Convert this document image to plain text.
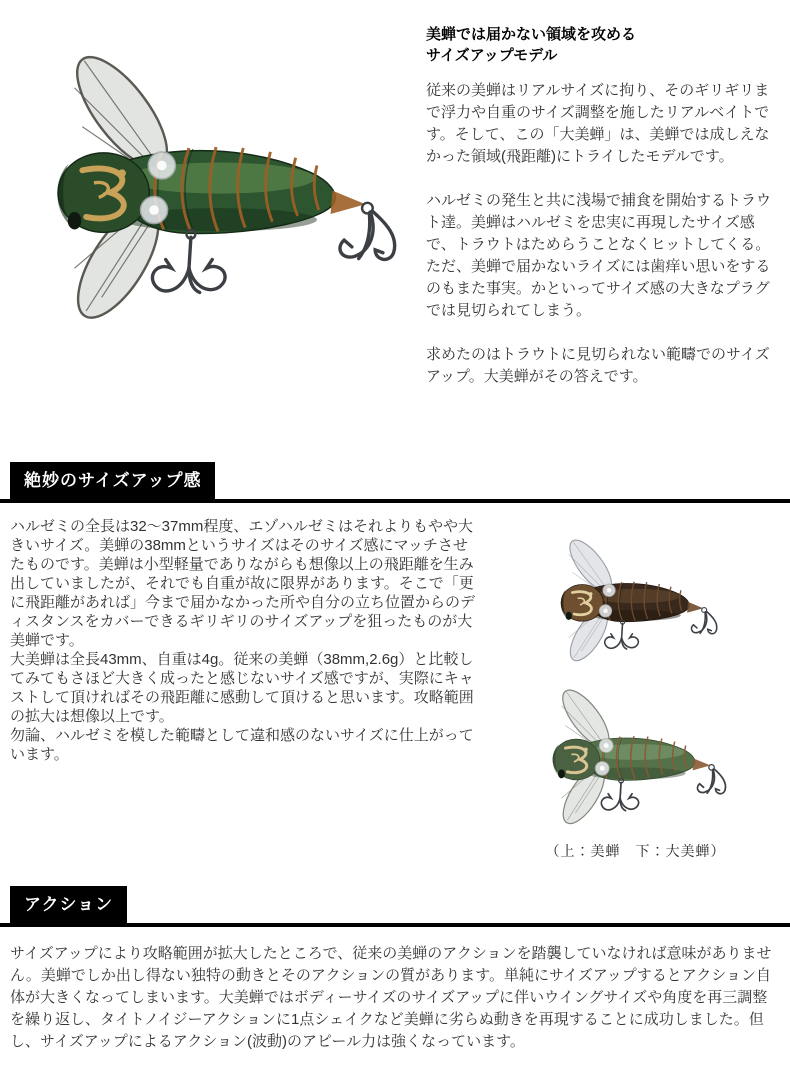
美蝉では届かない領域を攻める
サイズアップモデル

従来の美蝉はリアルサイズに拘り、そのギリギリまで浮力や自重のサイズ調整を施したリアルベイトです。そして、この「大美蝉」は、美蝉では成しえなかった領域(飛距離)にトライしたモデルです。

ハルゼミの発生と共に浅場で捕食を開始するトラウト達。美蝉はハルゼミを忠実に再現したサイズ感で、トラウトはためらうことなくヒットしてくる。ただ、美蝉で届かないライズには歯痒い思いをするのもまた事実。かといってサイズ感の大きなプラグでは見切られてしまう。

求めたのはトラウトに見切られない範疇でのサイズアップ。大美蝉がその答えです。

絶妙のサイズアップ感

ハルゼミの全長は32～37mm程度、エゾハルゼミはそれよりもやや大きいサイズ。美蝉の38mmというサイズはそのサイズ感にマッチさせたものです。美蝉は小型軽量でありながらも想像以上の飛距離を生み出していましたが、それでも自重が故に限界があります。そこで「更に飛距離があれば」今まで届かなかった所や自分の立ち位置からのディスタンスをカバーできるギリギリのサイズアップを狙ったものが大美蝉です。

大美蝉は全長43mm、自重は4g。従来の美蝉（38mm,2.6g）と比較してみてもさほど大きく成ったと感じないサイズ感ですが、実際にキャストして頂ければその飛距離に感動して頂けると思います。攻略範囲の拡大は想像以上です。

勿論、ハルゼミを模した範疇として違和感のないサイズに仕上がっています。

（上：美蝉　下：大美蝉）
アクション

サイズアップにより攻略範囲が拡大したところで、従来の美蝉のアクションを踏襲していなければ意味がありません。美蝉でしか出し得ない独特の動きとそのアクションの質があります。単純にサイズアップするとアクション自体が大きくなってしまいます。大美蝉ではボディーサイズのサイズアップに伴いウイングサイズや角度を再三調整を繰り返し、タイトノイジーアクションに1点シェイクなど美蝉に劣らぬ動きを再現することに成功しました。但し、サイズアップによるアクション(波動)のアピール力は強くなっています。
